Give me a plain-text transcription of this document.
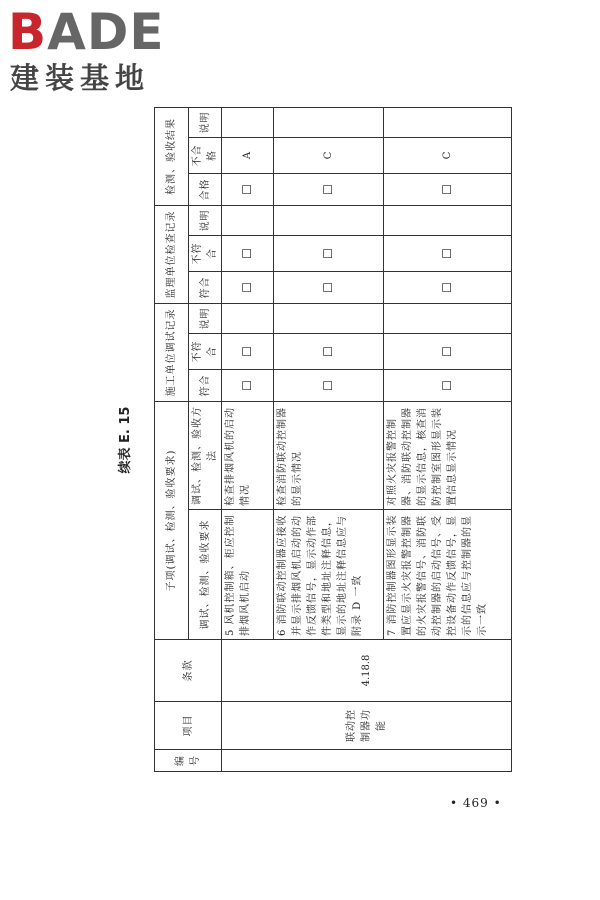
BADE
建装基地
续表 E. 15
编号	项目	条款	子项(调试、检测、验收要求)		施工单位调试记录			监理单位检查记录			检测、验收结果		
			调试、检测、验收要求	调试、检测、验收方法	符合	不符合	说明	符合	不符合	说明	合格	不合格	说明
	联动控制器功能	4.18.8	5 风机控制箱、柜应控制排烟风机启动	检查排烟风机的启动情况	☐	☐		☐	☐		☐	A	
			6 消防联动控制器应接收并显示排烟风机启动的动作反馈信号，显示动作部件类型和地址注释信息，显示的地址注释信息应与附录 D 一致	检查消防联动控制器的显示情况	☐	☐		☐	☐		☐	C	
			7 消防控制器图形显示装置应显示火灾报警控制器的火灾报警信号、消防联动控制器的启动信号、受控设备动作反馈信号，显示的信息应与控制器的显示一致	对照火灾报警控制器、消防联动控制器的显示信息，核查消防控制室图形显示装置信息显示情况	☐	☐		☐	☐		☐	C	
• 469 •
